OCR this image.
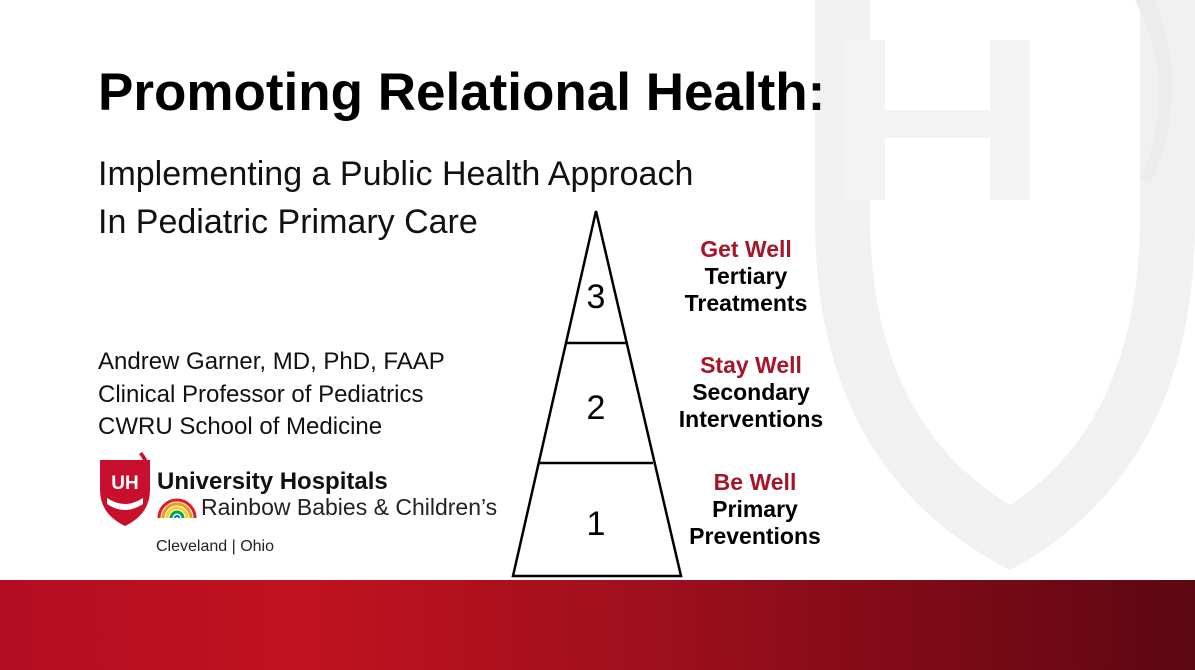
Promoting Relational Health:
Implementing a Public Health Approach
In Pediatric Primary Care
Andrew Garner, MD, PhD, FAAP
Clinical Professor of Pediatrics
CWRU School of Medicine
UH University Hospitals
Rainbow Babies & Children’s
Cleveland | Ohio
3
2
1
Get Well
Tertiary
Treatments
Stay Well
Secondary
Interventions
Be Well
Primary
Preventions
